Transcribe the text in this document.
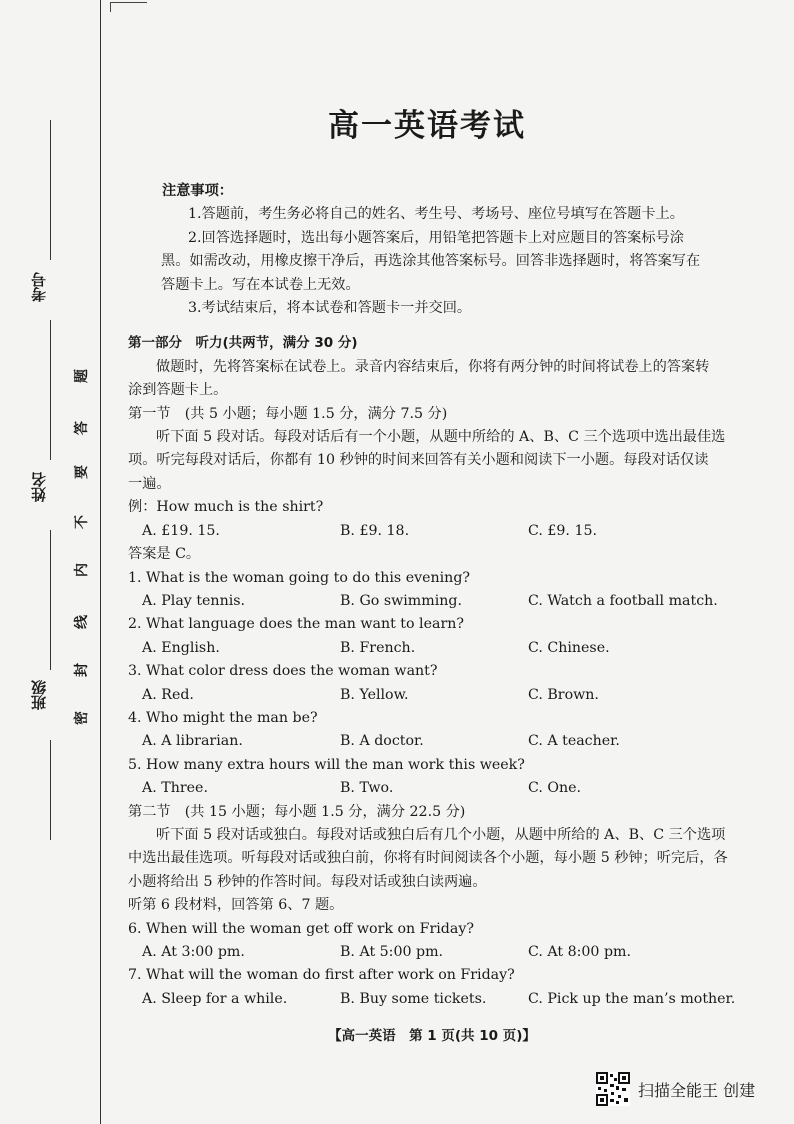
考号
姓名
班级
题
答
要
不
内
线
封
密
高一英语考试

注意事项：

1.答题前，考生务必将自己的姓名、考生号、考场号、座位号填写在答题卡上。

2.回答选择题时，选出每小题答案后，用铅笔把答题卡上对应题目的答案标号涂

黑。如需改动，用橡皮擦干净后，再选涂其他答案标号。回答非选择题时，将答案写在

答题卡上。写在本试卷上无效。

3.考试结束后，将本试卷和答题卡一并交回。

第一部分　听力(共两节，满分 30 分)

做题时，先将答案标在试卷上。录音内容结束后，你将有两分钟的时间将试卷上的答案转

涂到答题卡上。

第一节　(共 5 小题；每小题 1.5 分，满分 7.5 分)

听下面 5 段对话。每段对话后有一个小题，从题中所给的 A、B、C 三个选项中选出最佳选

项。听完每段对话后，你都有 10 秒钟的时间来回答有关小题和阅读下一小题。每段对话仅读

一遍。

例：How much is the shirt?

A. £19. 15.	B. £9. 18.	C. £9. 15.

答案是 C。

1. What is the woman going to do this evening?

A. Play tennis.	B. Go swimming.	C. Watch a football match.

2. What language does the man want to learn?

A. English.	B. French.	C. Chinese.

3. What color dress does the woman want?

A. Red.	B. Yellow.	C. Brown.

4. Who might the man be?

A. A librarian.	B. A doctor.	C. A teacher.

5. How many extra hours will the man work this week?

A. Three.	B. Two.	C. One.

第二节　(共 15 小题；每小题 1.5 分，满分 22.5 分)

听下面 5 段对话或独白。每段对话或独白后有几个小题，从题中所给的 A、B、C 三个选项

中选出最佳选项。听每段对话或独白前，你将有时间阅读各个小题，每小题 5 秒钟；听完后，各

小题将给出 5 秒钟的作答时间。每段对话或独白读两遍。

听第 6 段材料，回答第 6、7 题。

6. When will the woman get off work on Friday?

A. At 3:00 pm.	B. At 5:00 pm.	C. At 8:00 pm.

7. What will the woman do first after work on Friday?

A. Sleep for a while.	B. Buy some tickets.	C. Pick up the man’s mother.
【高一英语　第 1 页(共 10 页)】
扫描全能王 创建
